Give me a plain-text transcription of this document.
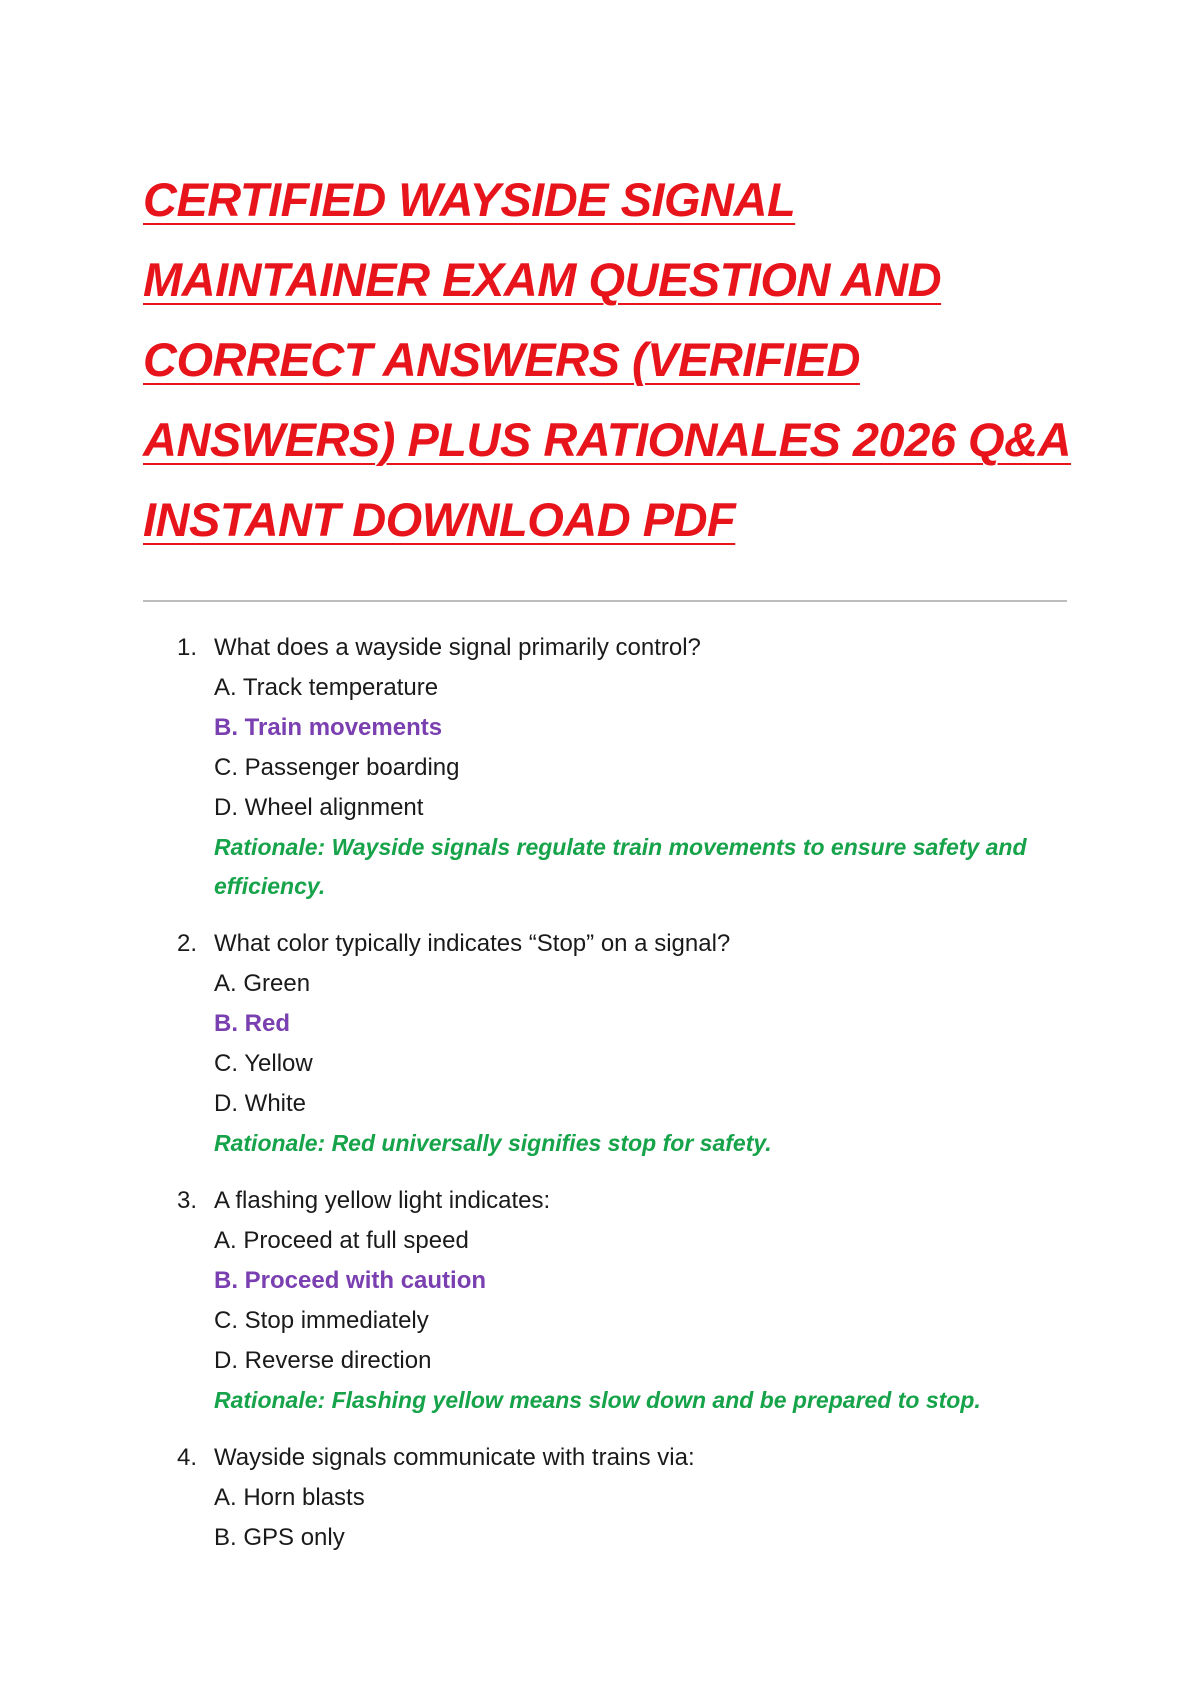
CERTIFIED WAYSIDE SIGNAL
MAINTAINER EXAM QUESTION AND
CORRECT ANSWERS (VERIFIED
ANSWERS) PLUS RATIONALES 2026 Q&A
INSTANT DOWNLOAD PDF
1. What does a wayside signal primarily control?

A. Track temperature

B. Train movements

C. Passenger boarding

D. Wheel alignment

Rationale: Wayside signals regulate train movements to ensure safety and efficiency.

2. What color typically indicates “Stop” on a signal?

A. Green

B. Red

C. Yellow

D. White

Rationale: Red universally signifies stop for safety.

3. A flashing yellow light indicates:

A. Proceed at full speed

B. Proceed with caution

C. Stop immediately

D. Reverse direction

Rationale: Flashing yellow means slow down and be prepared to stop.

4. Wayside signals communicate with trains via:

A. Horn blasts

B. GPS only
